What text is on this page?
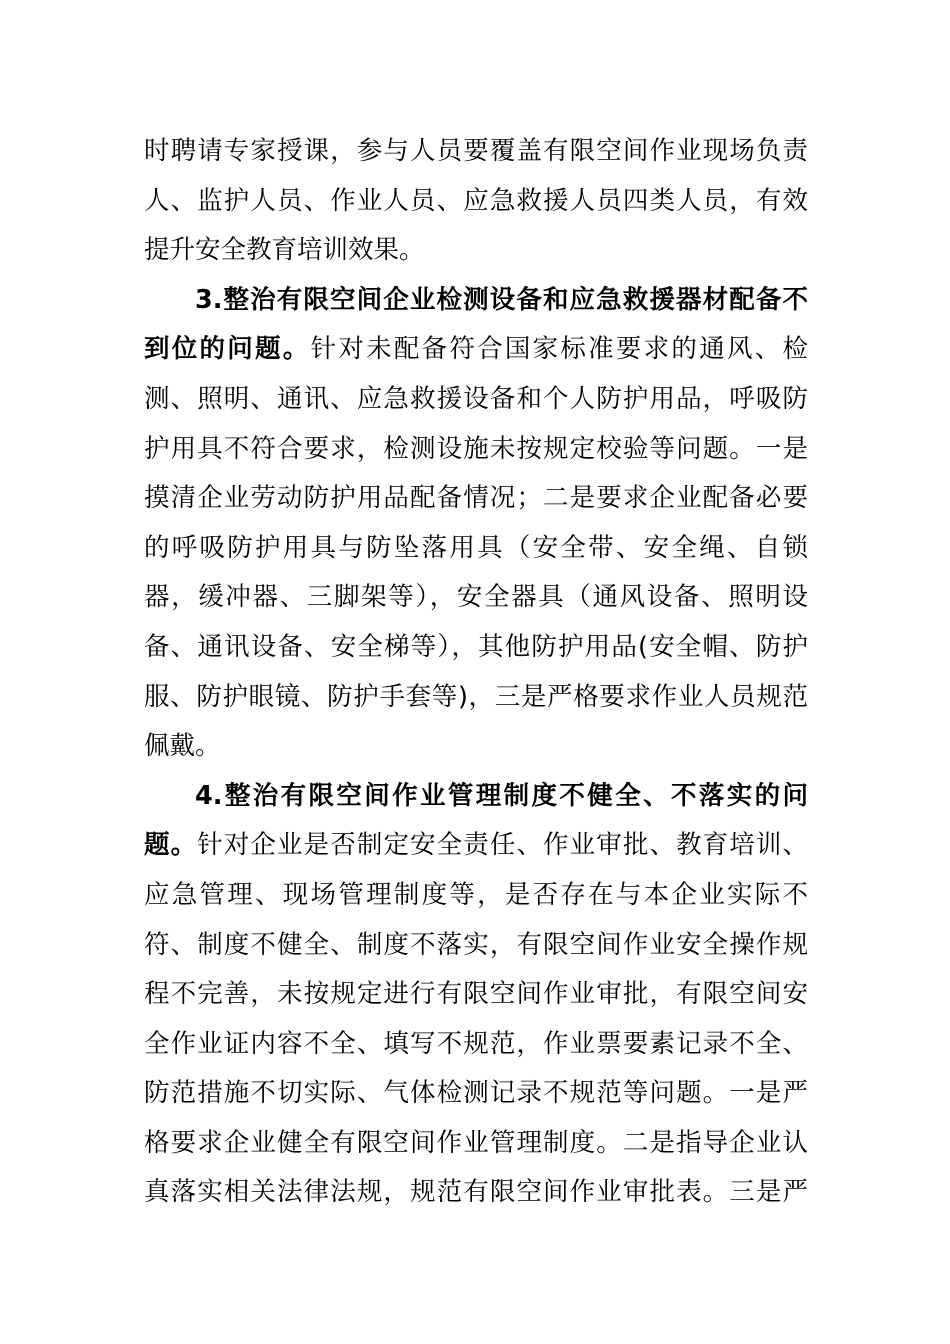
时聘请专家授课，参与人员要覆盖有限空间作业现场负责
人、监护人员、作业人员、应急救援人员四类人员，有效
提升安全教育培训效果。
3.整治有限空间企业检测设备和应急救援器材配备不
到位的问题。针对未配备符合国家标准要求的通风、检
测、照明、通讯、应急救援设备和个人防护用品，呼吸防
护用具不符合要求，检测设施未按规定校验等问题。一是
摸清企业劳动防护用品配备情况；二是要求企业配备必要
的呼吸防护用具与防坠落用具（安全带、安全绳、自锁
器，缓冲器、三脚架等），安全器具（通风设备、照明设
备、通讯设备、安全梯等），其他防护用品(安全帽、防护
服、防护眼镜、防护手套等)，三是严格要求作业人员规范
佩戴。
4.整治有限空间作业管理制度不健全、不落实的问
题。针对企业是否制定安全责任、作业审批、教育培训、
应急管理、现场管理制度等，是否存在与本企业实际不
符、制度不健全、制度不落实，有限空间作业安全操作规
程不完善，未按规定进行有限空间作业审批，有限空间安
全作业证内容不全、填写不规范，作业票要素记录不全、
防范措施不切实际、气体检测记录不规范等问题。一是严
格要求企业健全有限空间作业管理制度。二是指导企业认
真落实相关法律法规，规范有限空间作业审批表。三是严
